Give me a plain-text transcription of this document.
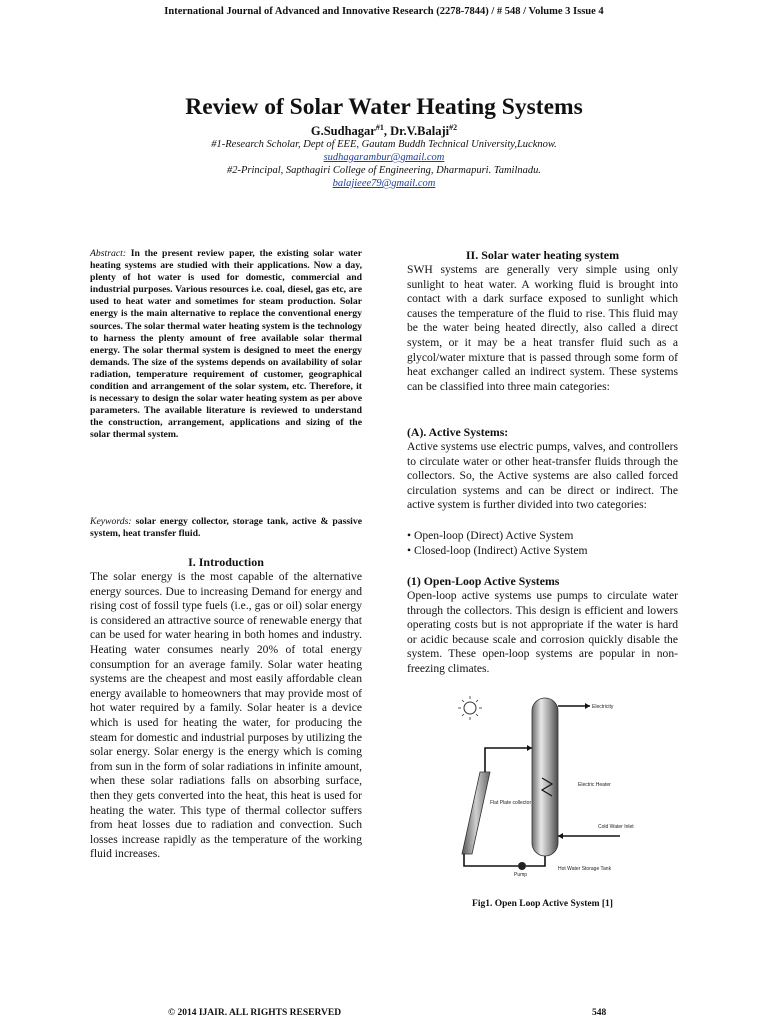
International Journal of Advanced and Innovative Research (2278-7844) / # 548 / Volume 3 Issue 4
Review of Solar Water Heating Systems
G.Sudhagar$^{\#1}$, Dr.V.Balaji$^{\#2}$
#1-Research Scholar, Dept of EEE, Gautam Buddh Technical University,Lucknow.
sudhagarambur@gmail.com
#2-Principal, Sapthagiri College of Engineering, Dharmapuri. Tamilnadu.
balajieee79@gmail.com
Abstract: In the present review paper, the existing solar water heating systems are studied with their applications. Now a day, plenty of hot water is used for domestic, commercial and industrial purposes. Various resources i.e. coal, diesel, gas etc, are used to heat water and sometimes for steam production. Solar energy is the main alternative to replace the conventional energy sources. The solar thermal water heating system is the technology to harness the plenty amount of free available solar thermal energy. The solar thermal system is designed to meet the energy demands. The size of the systems depends on availability of solar radiation, temperature requirement of customer, geographical condition and arrangement of the solar system, etc. Therefore, it is necessary to design the solar water heating system as per above parameters. The available literature is reviewed to understand the construction, arrangement, applications and sizing of the solar thermal system.
Keywords: solar energy collector, storage tank, active & passive system, heat transfer fluid.
I. Introduction
The solar energy is the most capable of the alternative energy sources. Due to increasing Demand for energy and rising cost of fossil type fuels (i.e., gas or oil) solar energy is considered an attractive source of renewable energy that can be used for water hearing in both homes and industry. Heating water consumes nearly 20% of total energy consumption for an average family. Solar water heating systems are the cheapest and most easily affordable clean energy available to homeowners that may provide most of hot water required by a family. Solar heater is a device which is used for heating the water, for producing the steam for domestic and industrial purposes by utilizing the solar energy. Solar energy is the energy which is coming from sun in the form of solar radiations in infinite amount, when these solar radiations falls on absorbing surface, then they gets converted into the heat, this heat is used for heating the water. This type of thermal collector suffers from heat losses due to radiation and convection. Such losses increase rapidly as the temperature of the working fluid increases.
II. Solar water heating system
SWH systems are generally very simple using only sunlight to heat water. A working fluid is brought into contact with a dark surface exposed to sunlight which causes the temperature of the fluid to rise. This fluid may be the water being heated directly, also called a direct system, or it may be a heat transfer fluid such as a glycol/water mixture that is passed through some form of heat exchanger called an indirect system. These systems can be classified into three main categories:
(A). Active Systems:
Active systems use electric pumps, valves, and controllers to circulate water or other heat-transfer fluids through the collectors. So, the Active systems are also called forced circulation systems and can be direct or indirect. The active system is further divided into two categories:
• Open-loop (Direct) Active System
• Closed-loop (Indirect) Active System
(1) Open-Loop Active Systems
Open-loop active systems use pumps to circulate water through the collectors. This design is efficient and lowers operating costs but is not appropriate if the water is hard or acidic because scale and corrosion quickly disable the system. These open-loop systems are popular in non-freezing climates.
Electricity
Electric Heater
Flat Plate collector
Cold Water Inlet
Pump
Hot Water Storage Tank
Fig1. Open Loop Active System [1]
© 2014 IJAIR. ALL RIGHTS RESERVED	548
